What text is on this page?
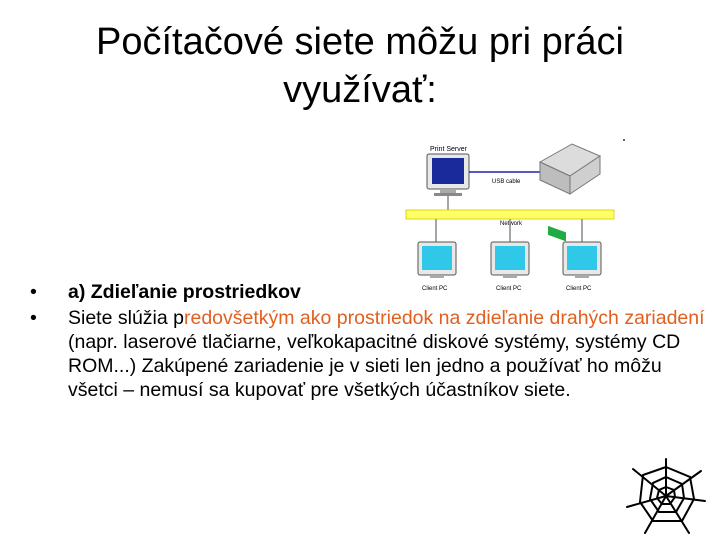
Počítačové siete môžu pri práci
využívať:
Print Server
USB cable
Network
Client PC	Client PC	Client PC
•	a) Zdieľanie prostriedkov
•	Siete slúžia predovšetkým ako prostriedok na zdieľanie drahých zariadení (napr. laserové tlačiarne, veľkokapacitné diskové systémy, systémy CD ROM...) Zakúpené zariadenie je v sieti len jedno a používať ho môžu všetci – nemusí sa kupovať pre všetkých účastníkov siete.
